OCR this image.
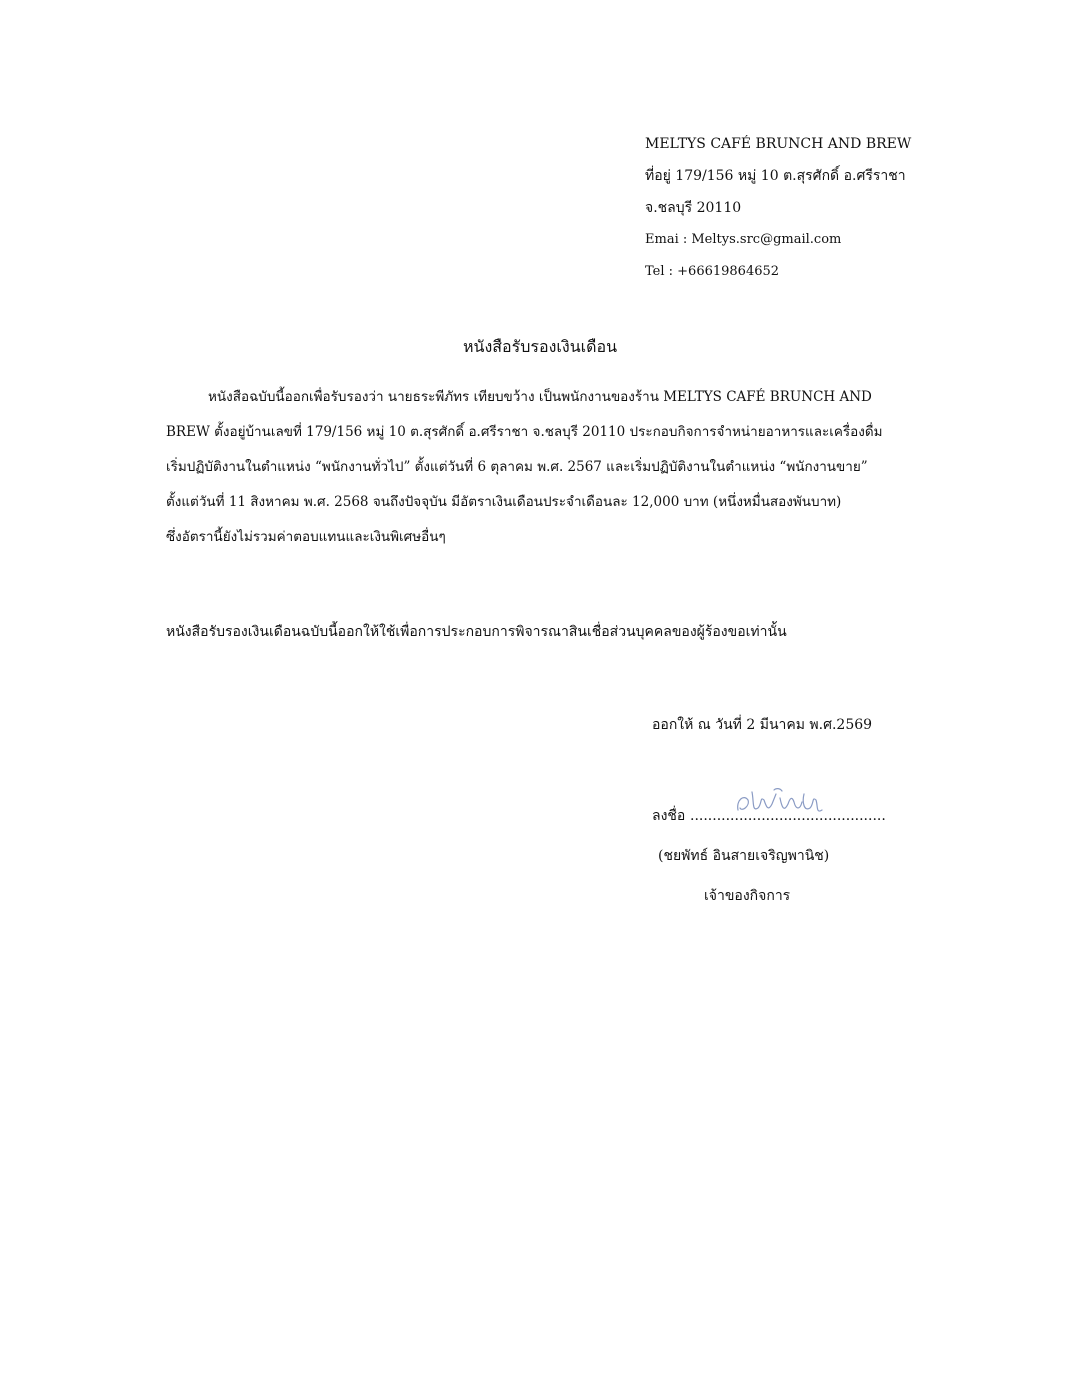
MELTYS CAFÉ BRUNCH AND BREW
ที่อยู่ 179/156 หมู่ 10 ต.สุรศักดิ์ อ.ศรีราชา
จ.ชลบุรี 20110
Emai : Meltys.src@gmail.com
Tel : +66619864652
หนังสือรับรองเงินเดือน
หนังสือฉบับนี้ออกเพื่อรับรองว่า นายธระพีภัทร เทียบขว้าง เป็นพนักงานของร้าน MELTYS CAFÉ BRUNCH AND
BREW ตั้งอยู่บ้านเลขที่ 179/156 หมู่ 10 ต.สุรศักดิ์ อ.ศรีราชา จ.ชลบุรี 20110 ประกอบกิจการจำหน่ายอาหารและเครื่องดื่ม
เริ่มปฏิบัติงานในตำแหน่ง “พนักงานทั่วไป” ตั้งแต่วันที่ 6 ตุลาคม พ.ศ. 2567 และเริ่มปฏิบัติงานในตำแหน่ง “พนักงานขาย”
ตั้งแต่วันที่ 11 สิงหาคม พ.ศ. 2568 จนถึงปัจจุบัน มีอัตราเงินเดือนประจำเดือนละ 12,000 บาท (หนึ่งหมื่นสองพันบาท)
ซึ่งอัตรานี้ยังไม่รวมค่าตอบแทนและเงินพิเศษอื่นๆ
หนังสือรับรองเงินเดือนฉบับนี้ออกให้ใช้เพื่อการประกอบการพิจารณาสินเชื่อส่วนบุคคลของผู้ร้องขอเท่านั้น
ออกให้ ณ วันที่ 2 มีนาคม พ.ศ.2569
ลงชื่อ ............................................
(ชยพัทธ์ อินสายเจริญพานิช)
เจ้าของกิจการ
